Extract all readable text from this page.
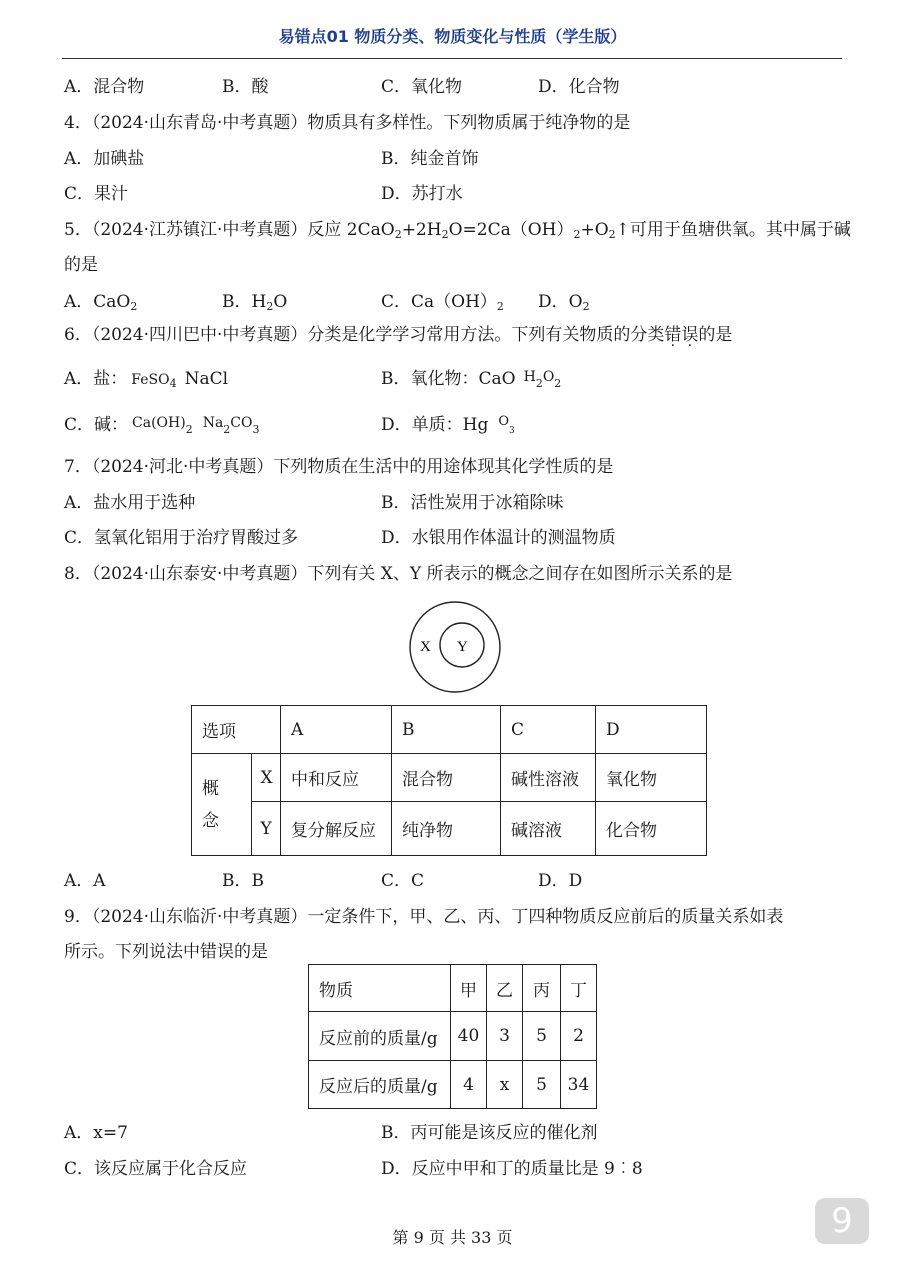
易错点01 物质分类、物质变化与性质（学生版）
A．混合物	B．酸	C．氧化物	D．化合物
4．（2024·山东青岛·中考真题）物质具有多样性。下列物质属于纯净物的是
A．加碘盐	B．纯金首饰
C．果汁	D．苏打水
5．（2024·江苏镇江·中考真题）反应 $2CaO_2+2H_2O=2Ca(OH)_2+O_2↑$可用于鱼塘供氧。其中属于碱
的是
A．CaO$_2$	B．$H_2O$	C．$Ca(OH)_2$ D．$O_2$
6．（2024·四川巴中·中考真题）分类是化学学习常用方法。下列有关物质的分类错误的是
A．盐： FeSO$_4$ NaCl	B．氧化物：CaO $H_2O_2$
C．碱： $Ca(OH)_2$ $Na_2CO_3$	D．单质：Hg $^O_3$
7．（2024·河北·中考真题）下列物质在生活中的用途体现其化学性质的是
A．盐水用于选种	B．活性炭用于冰箱除味
C．氢氧化铝用于治疗胃酸过多	D．水银用作体温计的测温物质
8．（2024·山东泰安·中考真题）下列有关 X、Y 所表示的概念之间存在如图所示关系的是
X Y
选项		A	B	C	D

概念	X	中和反应	混合物	碱性溶液	氧化物
	Y	复分解反应	纯净物	碱溶液	化合物
A．A	B．B	C．C	D．D
9．（2024·山东临沂·中考真题）一定条件下，甲、乙、丙、丁四种物质反应前后的质量关系如表
所示。下列说法中错误的是
物质	甲	乙	丙	丁
反应前的质量/g	40	3	5	2
反应后的质量/g	4	x	5	34
A．x=7	B．丙可能是该反应的催化剂
C．该反应属于化合反应	D．反应中甲和丁的质量比是 9︰8
9
第 9 页 共 33 页
